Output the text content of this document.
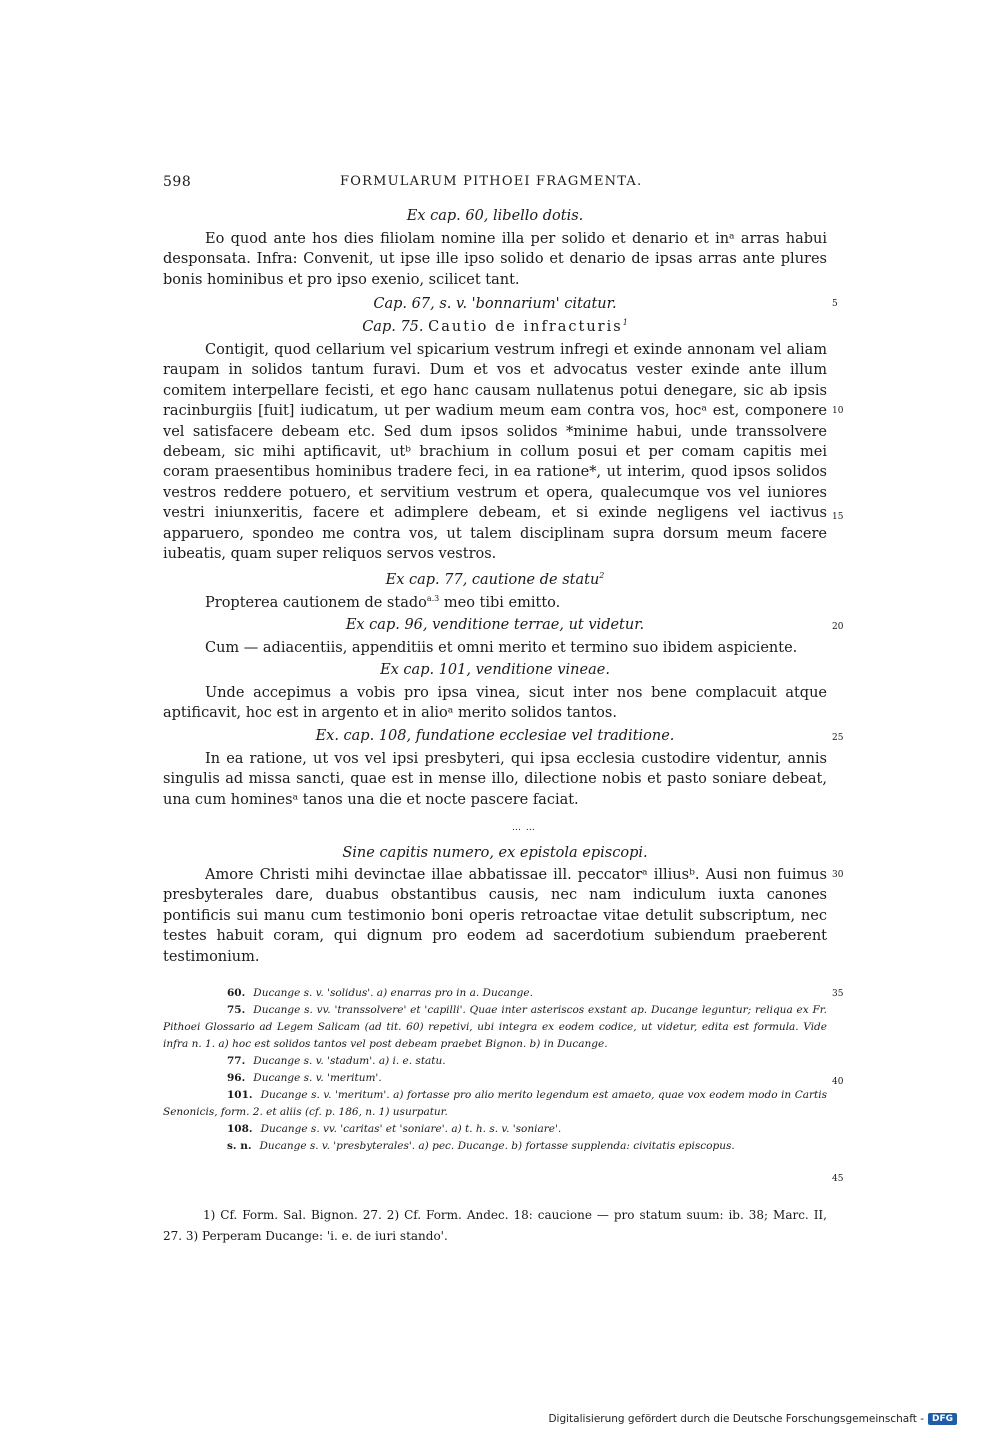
598	FORMULARUM PITHOEI FRAGMENTA.
Ex cap. 60, libello dotis.

Eo quod ante hos dies filiolam nomine illa per solido et denario et inᵃ arras habui desponsata. Infra: Convenit, ut ipse ille ipso solido et denario de ipsas arras ante plures bonis hominibus et pro ipso exenio, scilicet tant.

Cap. 67, s. v. 'bonnarium' citatur.
Cap. 75. Cautio de infracturis$^1$

Contigit, quod cellarium vel spicarium vestrum infregi et exinde annonam vel aliam raupam in solidos tantum furavi. Dum et vos et advocatus vester exinde ante illum comitem interpellare fecisti, et ego hanc causam nullatenus potui denegare, sic ab ipsis racinburgiis [fuit] iudicatum, ut per wadium meum eam contra vos, hocᵃ est, componere vel satisfacere debeam etc. Sed dum ipsos solidos *minime habui, unde transsolvere debeam, sic mihi aptificavit, utᵇ brachium in collum posui et per comam capitis mei coram praesentibus hominibus tradere feci, in ea ratione*, ut interim, quod ipsos solidos vestros reddere potuero, et servitium vestrum et opera, qualecumque vos vel iuniores vestri iniunxeritis, facere et adimplere debeam, et si exinde negligens vel iactivus apparuero, spondeo me contra vos, ut talem disciplinam supra dorsum meum facere iubeatis, quam super reliquos servos vestros.

Ex cap. 77, cautione de statu$^2$

Propterea cautionem de stado$^{a.3}$ meo tibi emitto.

Ex cap. 96, venditione terrae, ut videtur.

Cum — adiacentiis, appenditiis et omni merito et termino suo ibidem aspiciente.

Ex cap. 101, venditione vineae.

Unde accepimus a vobis pro ipsa vinea, sicut inter nos bene complacuit atque aptificavit, hoc est in argento et in alioᵃ merito solidos tantos.

Ex. cap. 108, fundatione ecclesiae vel traditione.

In ea ratione, ut vos vel ipsi presbyteri, qui ipsa ecclesia custodire videntur, annis singulis ad missa sancti, quae est in mense illo, dilectione nobis et pasto soniare debeat, una cum hominesᵃ tanos una die et nocte pascere faciat.

… …
Sine capitis numero, ex epistola episcopi.

Amore Christi mihi devinctae illae abbatissae ill. peccatorᵃ illiusᵇ. Ausi non fuimus presbyterales dare, duabus obstantibus causis, nec nam indiculum iuxta canones pontificis sui manu cum testimonio boni operis retroactae vitae detulit subscriptum, nec testes habuit coram, qui dignum pro eodem ad sacerdotium subiendum praeberent testimonium.

5
10
15
20
25
30
35
40
45

60. Ducange s. v. 'solidus'. a) enarras pro in a. Ducange.

75. Ducange s. vv. 'transsolvere' et 'capilli'. Quae inter asteriscos exstant ap. Ducange leguntur; reliqua ex Fr. Pithoei Glossario ad Legem Salicam (ad tit. 60) repetivi, ubi integra ex eodem codice, ut videtur, edita est formula. Vide infra n. 1. a) hoc est solidos tantos vel post debeam praebet Bignon. b) in Ducange.

77. Ducange s. v. 'stadum'. a) i. e. statu.

96. Ducange s. v. 'meritum'.

101. Ducange s. v. 'meritum'. a) fortasse pro alio merito legendum est amaeto, quae vox eodem modo in Cartis Senonicis, form. 2. et aliis (cf. p. 186, n. 1) usurpatur.

108. Ducange s. vv. 'caritas' et 'soniare'. a) t. h. s. v. 'soniare'.

s. n. Ducange s. v. 'presbyterales'. a) pec. Ducange. b) fortasse supplenda: civitatis episcopus.

1) Cf. Form. Sal. Bignon. 27. 2) Cf. Form. Andec. 18: caucione — pro statum suum: ib. 38; Marc. II, 27. 3) Perperam Ducange: 'i. e. de iuri stando'.

Digitalisierung gefördert durch die Deutsche Forschungsgemeinschaft - DFG
